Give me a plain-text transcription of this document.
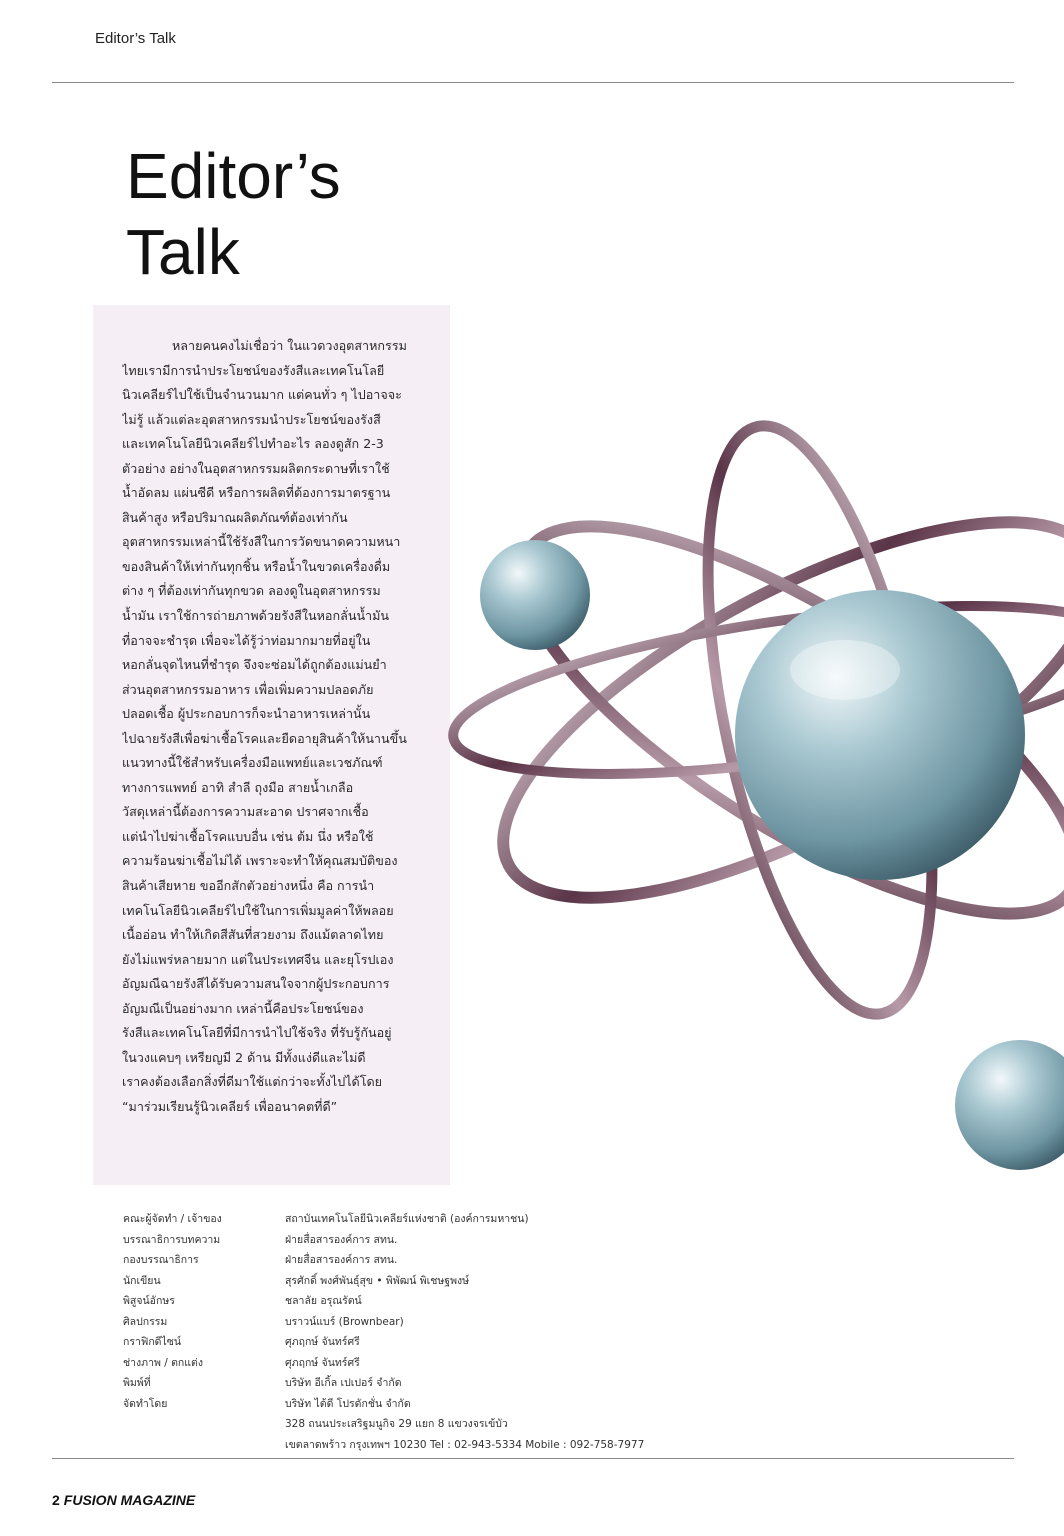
Editor’s Talk
Editor’s
Talk
หลายคนคงไม่เชื่อว่า ในแวดวงอุตสาหกรรม
ไทยเรามีการนำประโยชน์ของรังสีและเทคโนโลยี
นิวเคลียร์ไปใช้เป็นจำนวนมาก แต่คนทั่ว ๆ ไปอาจจะ
ไม่รู้ แล้วแต่ละอุตสาหกรรมนำประโยชน์ของรังสี
และเทคโนโลยีนิวเคลียร์ไปทำอะไร ลองดูสัก 2-3
ตัวอย่าง อย่างในอุตสาหกรรมผลิตกระดาษที่เราใช้
น้ำอัดลม แผ่นซีดี หรือการผลิตที่ต้องการมาตรฐาน
สินค้าสูง หรือปริมาณผลิตภัณฑ์ต้องเท่ากัน
อุตสาหกรรมเหล่านี้ใช้รังสีในการวัดขนาดความหนา
ของสินค้าให้เท่ากันทุกชิ้น หรือน้ำในขวดเครื่องดื่ม
ต่าง ๆ ที่ต้องเท่ากันทุกขวด ลองดูในอุตสาหกรรม
น้ำมัน เราใช้การถ่ายภาพด้วยรังสีในหอกลั่นน้ำมัน
ที่อาจจะชำรุด เพื่อจะได้รู้ว่าท่อมากมายที่อยู่ใน
หอกลั่นจุดไหนที่ชำรุด จึงจะซ่อมได้ถูกต้องแม่นยำ
ส่วนอุตสาหกรรมอาหาร เพื่อเพิ่มความปลอดภัย
ปลอดเชื้อ ผู้ประกอบการก็จะนำอาหารเหล่านั้น
ไปฉายรังสีเพื่อฆ่าเชื้อโรคและยืดอายุสินค้าให้นานขึ้น
แนวทางนี้ใช้สำหรับเครื่องมือแพทย์และเวชภัณฑ์
ทางการแพทย์ อาทิ สำลี ถุงมือ สายน้ำเกลือ
วัสดุเหล่านี้ต้องการความสะอาด ปราศจากเชื้อ
แต่นำไปฆ่าเชื้อโรคแบบอื่น เช่น ต้ม นึ่ง หรือใช้
ความร้อนฆ่าเชื้อไม่ได้ เพราะจะทำให้คุณสมบัติของ
สินค้าเสียหาย ขออีกสักตัวอย่างหนึ่ง คือ การนำ
เทคโนโลยีนิวเคลียร์ไปใช้ในการเพิ่มมูลค่าให้พลอย
เนื้ออ่อน ทำให้เกิดสีสันที่สวยงาม ถึงแม้ตลาดไทย
ยังไม่แพร่หลายมาก แต่ในประเทศจีน และยุโรปเอง
อัญมณีฉายรังสีได้รับความสนใจจากผู้ประกอบการ
อัญมณีเป็นอย่างมาก เหล่านี้คือประโยชน์ของ
รังสีและเทคโนโลยีที่มีการนำไปใช้จริง ที่รับรู้กันอยู่
ในวงแคบๆ เหรียญมี 2 ด้าน มีทั้งแง่ดีและไม่ดี
เราคงต้องเลือกสิ่งที่ดีมาใช้แต่กว่าจะทั้งไปได้โดย
“มาร่วมเรียนรู้นิวเคลียร์ เพื่ออนาคตที่ดี”
คณะผู้จัดทำ / เจ้าของ
บรรณาธิการบทความ
กองบรรณาธิการ
นักเขียน
พิสูจน์อักษร
ศิลปกรรม
กราฟิกดีไซน์
ช่างภาพ / ตกแต่ง
พิมพ์ที่
จัดทำโดย
สถาบันเทคโนโลยีนิวเคลียร์แห่งชาติ (องค์การมหาชน)
ฝ่ายสื่อสารองค์การ สทน.
ฝ่ายสื่อสารองค์การ สทน.
สุรศักดิ์ พงศ์พันธุ์สุข • พิพัฒน์ พิเชษฐพงษ์
ชลาลัย อรุณรัตน์
บราวน์แบร์ (Brownbear)
ศุภฤกษ์ จันทร์ศรี
ศุภฤกษ์ จันทร์ศรี
บริษัท อีเกิ้ล เปเปอร์ จำกัด
บริษัท ไต้ดี โปรดักชั่น จำกัด
328 ถนนประเสริฐมนูกิจ 29 แยก 8 แขวงจรเข้บัว
เขตลาดพร้าว กรุงเทพฯ 10230 Tel : 02-943-5334 Mobile : 092-758-7977
2 FUSION MAGAZINE
